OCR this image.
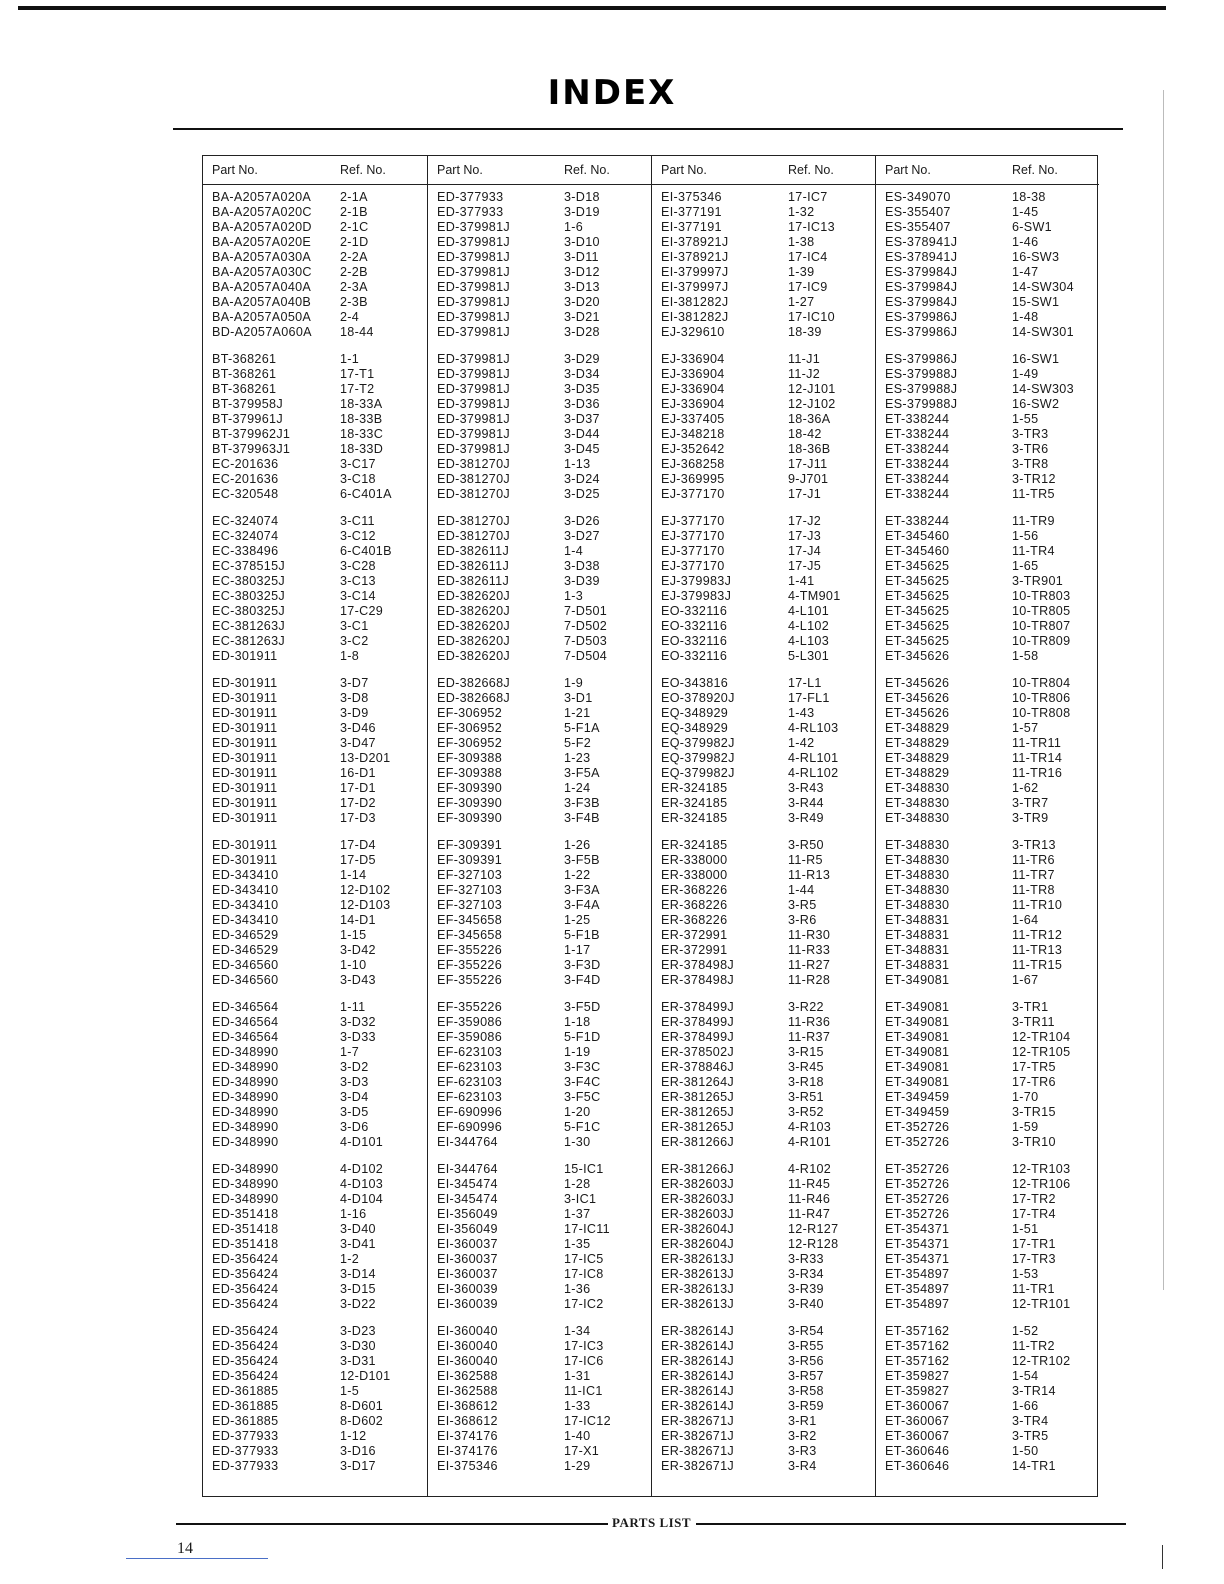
INDEX
Part No.	Ref. No.
BA-A2057A020A 2-1A
BA-A2057A020C 2-1B
BA-A2057A020D 2-1C
BA-A2057A020E 2-1D
BA-A2057A030A 2-2A
BA-A2057A030C 2-2B
BA-A2057A040A 2-3A
BA-A2057A040B 2-3B
BA-A2057A050A 2-4
BD-A2057A060A 18-44
BT-368261	1-1
BT-368261	17-T1
BT-368261	17-T2
BT-379958J	18-33A
BT-379961J	18-33B
BT-379962J1	18-33C
BT-379963J1	18-33D
EC-201636	3-C17
EC-201636	3-C18
EC-320548	6-C401A
EC-324074	3-C11
EC-324074	3-C12
EC-338496	6-C401B
EC-378515J	3-C28
EC-380325J	3-C13
EC-380325J	3-C14
EC-380325J	17-C29
EC-381263J	3-C1
EC-381263J	3-C2
ED-301911	1-8
ED-301911	3-D7
ED-301911	3-D8
ED-301911	3-D9
ED-301911	3-D46
ED-301911	3-D47
ED-301911	13-D201
ED-301911	16-D1
ED-301911	17-D1
ED-301911	17-D2
ED-301911	17-D3
ED-301911	17-D4
ED-301911	17-D5
ED-343410	1-14
ED-343410	12-D102
ED-343410	12-D103
ED-343410	14-D1
ED-346529	1-15
ED-346529	3-D42
ED-346560	1-10
ED-346560	3-D43
ED-346564	1-11
ED-346564	3-D32
ED-346564	3-D33
ED-348990	1-7
ED-348990	3-D2
ED-348990	3-D3
ED-348990	3-D4
ED-348990	3-D5
ED-348990	3-D6
ED-348990	4-D101
ED-348990	4-D102
ED-348990	4-D103
ED-348990	4-D104
ED-351418	1-16
ED-351418	3-D40
ED-351418	3-D41
ED-356424	1-2
ED-356424	3-D14
ED-356424	3-D15
ED-356424	3-D22
ED-356424	3-D23
ED-356424	3-D30
ED-356424	3-D31
ED-356424	12-D101
ED-361885	1-5
ED-361885	8-D601
ED-361885	8-D602
ED-377933	1-12
ED-377933	3-D16
ED-377933	3-D17
Part No.	Ref. No.
ED-377933	3-D18
ED-377933	3-D19
ED-379981J	1-6
ED-379981J	3-D10
ED-379981J	3-D11
ED-379981J	3-D12
ED-379981J	3-D13
ED-379981J	3-D20
ED-379981J	3-D21
ED-379981J	3-D28
ED-379981J	3-D29
ED-379981J	3-D34
ED-379981J	3-D35
ED-379981J	3-D36
ED-379981J	3-D37
ED-379981J	3-D44
ED-379981J	3-D45
ED-381270J	1-13
ED-381270J	3-D24
ED-381270J	3-D25
ED-381270J	3-D26
ED-381270J	3-D27
ED-382611J	1-4
ED-382611J	3-D38
ED-382611J	3-D39
ED-382620J	1-3
ED-382620J	7-D501
ED-382620J	7-D502
ED-382620J	7-D503
ED-382620J	7-D504
ED-382668J	1-9
ED-382668J	3-D1
EF-306952	1-21
EF-306952	5-F1A
EF-306952	5-F2
EF-309388	1-23
EF-309388	3-F5A
EF-309390	1-24
EF-309390	3-F3B
EF-309390	3-F4B
EF-309391	1-26
EF-309391	3-F5B
EF-327103	1-22
EF-327103	3-F3A
EF-327103	3-F4A
EF-345658	1-25
EF-345658	5-F1B
EF-355226	1-17
EF-355226	3-F3D
EF-355226	3-F4D
EF-355226	3-F5D
EF-359086	1-18
EF-359086	5-F1D
EF-623103	1-19
EF-623103	3-F3C
EF-623103	3-F4C
EF-623103	3-F5C
EF-690996	1-20
EF-690996	5-F1C
EI-344764	1-30
EI-344764	15-IC1
EI-345474	1-28
EI-345474	3-IC1
EI-356049	1-37
EI-356049	17-IC11
EI-360037	1-35
EI-360037	17-IC5
EI-360037	17-IC8
EI-360039	1-36
EI-360039	17-IC2
EI-360040	1-34
EI-360040	17-IC3
EI-360040	17-IC6
EI-362588	1-31
EI-362588	11-IC1
EI-368612	1-33
EI-368612	17-IC12
EI-374176	1-40
EI-374176	17-X1
EI-375346	1-29
Part No.	Ref. No.
EI-375346	17-IC7
EI-377191	1-32
EI-377191	17-IC13
EI-378921J	1-38
EI-378921J	17-IC4
EI-379997J	1-39
EI-379997J	17-IC9
EI-381282J	1-27
EI-381282J	17-IC10
EJ-329610	18-39
EJ-336904	11-J1
EJ-336904	11-J2
EJ-336904	12-J101
EJ-336904	12-J102
EJ-337405	18-36A
EJ-348218	18-42
EJ-352642	18-36B
EJ-368258	17-J11
EJ-369995	9-J701
EJ-377170	17-J1
EJ-377170	17-J2
EJ-377170	17-J3
EJ-377170	17-J4
EJ-377170	17-J5
EJ-379983J	1-41
EJ-379983J	4-TM901
EO-332116	4-L101
EO-332116	4-L102
EO-332116	4-L103
EO-332116	5-L301
EO-343816	17-L1
EO-378920J	17-FL1
EQ-348929	1-43
EQ-348929	4-RL103
EQ-379982J	1-42
EQ-379982J	4-RL101
EQ-379982J	4-RL102
ER-324185	3-R43
ER-324185	3-R44
ER-324185	3-R49
ER-324185	3-R50
ER-338000	11-R5
ER-338000	11-R13
ER-368226	1-44
ER-368226	3-R5
ER-368226	3-R6
ER-372991	11-R30
ER-372991	11-R33
ER-378498J	11-R27
ER-378498J	11-R28
ER-378499J	3-R22
ER-378499J	11-R36
ER-378499J	11-R37
ER-378502J	3-R15
ER-378846J	3-R45
ER-381264J	3-R18
ER-381265J	3-R51
ER-381265J	3-R52
ER-381265J	4-R103
ER-381266J	4-R101
ER-381266J	4-R102
ER-382603J	11-R45
ER-382603J	11-R46
ER-382603J	11-R47
ER-382604J	12-R127
ER-382604J	12-R128
ER-382613J	3-R33
ER-382613J	3-R34
ER-382613J	3-R39
ER-382613J	3-R40
ER-382614J	3-R54
ER-382614J	3-R55
ER-382614J	3-R56
ER-382614J	3-R57
ER-382614J	3-R58
ER-382614J	3-R59
ER-382671J	3-R1
ER-382671J	3-R2
ER-382671J	3-R3
ER-382671J	3-R4
Part No.	Ref. No.
ES-349070	18-38
ES-355407	1-45
ES-355407	6-SW1
ES-378941J	1-46
ES-378941J	16-SW3
ES-379984J	1-47
ES-379984J	14-SW304
ES-379984J	15-SW1
ES-379986J	1-48
ES-379986J	14-SW301
ES-379986J	16-SW1
ES-379988J	1-49
ES-379988J	14-SW303
ES-379988J	16-SW2
ET-338244	1-55
ET-338244	3-TR3
ET-338244	3-TR6
ET-338244	3-TR8
ET-338244	3-TR12
ET-338244	11-TR5
ET-338244	11-TR9
ET-345460	1-56
ET-345460	11-TR4
ET-345625	1-65
ET-345625	3-TR901
ET-345625	10-TR803
ET-345625	10-TR805
ET-345625	10-TR807
ET-345625	10-TR809
ET-345626	1-58
ET-345626	10-TR804
ET-345626	10-TR806
ET-345626	10-TR808
ET-348829	1-57
ET-348829	11-TR11
ET-348829	11-TR14
ET-348829	11-TR16
ET-348830	1-62
ET-348830	3-TR7
ET-348830	3-TR9
ET-348830	3-TR13
ET-348830	11-TR6
ET-348830	11-TR7
ET-348830	11-TR8
ET-348830	11-TR10
ET-348831	1-64
ET-348831	11-TR12
ET-348831	11-TR13
ET-348831	11-TR15
ET-349081	1-67
ET-349081	3-TR1
ET-349081	3-TR11
ET-349081	12-TR104
ET-349081	12-TR105
ET-349081	17-TR5
ET-349081	17-TR6
ET-349459	1-70
ET-349459	3-TR15
ET-352726	1-59
ET-352726	3-TR10
ET-352726	12-TR103
ET-352726	12-TR106
ET-352726	17-TR2
ET-352726	17-TR4
ET-354371	1-51
ET-354371	17-TR1
ET-354371	17-TR3
ET-354897	1-53
ET-354897	11-TR1
ET-354897	12-TR101
ET-357162	1-52
ET-357162	11-TR2
ET-357162	12-TR102
ET-359827	1-54
ET-359827	3-TR14
ET-360067	1-66
ET-360067	3-TR4
ET-360067	3-TR5
ET-360646	1-50
ET-360646	14-TR1
PARTS LIST
14
